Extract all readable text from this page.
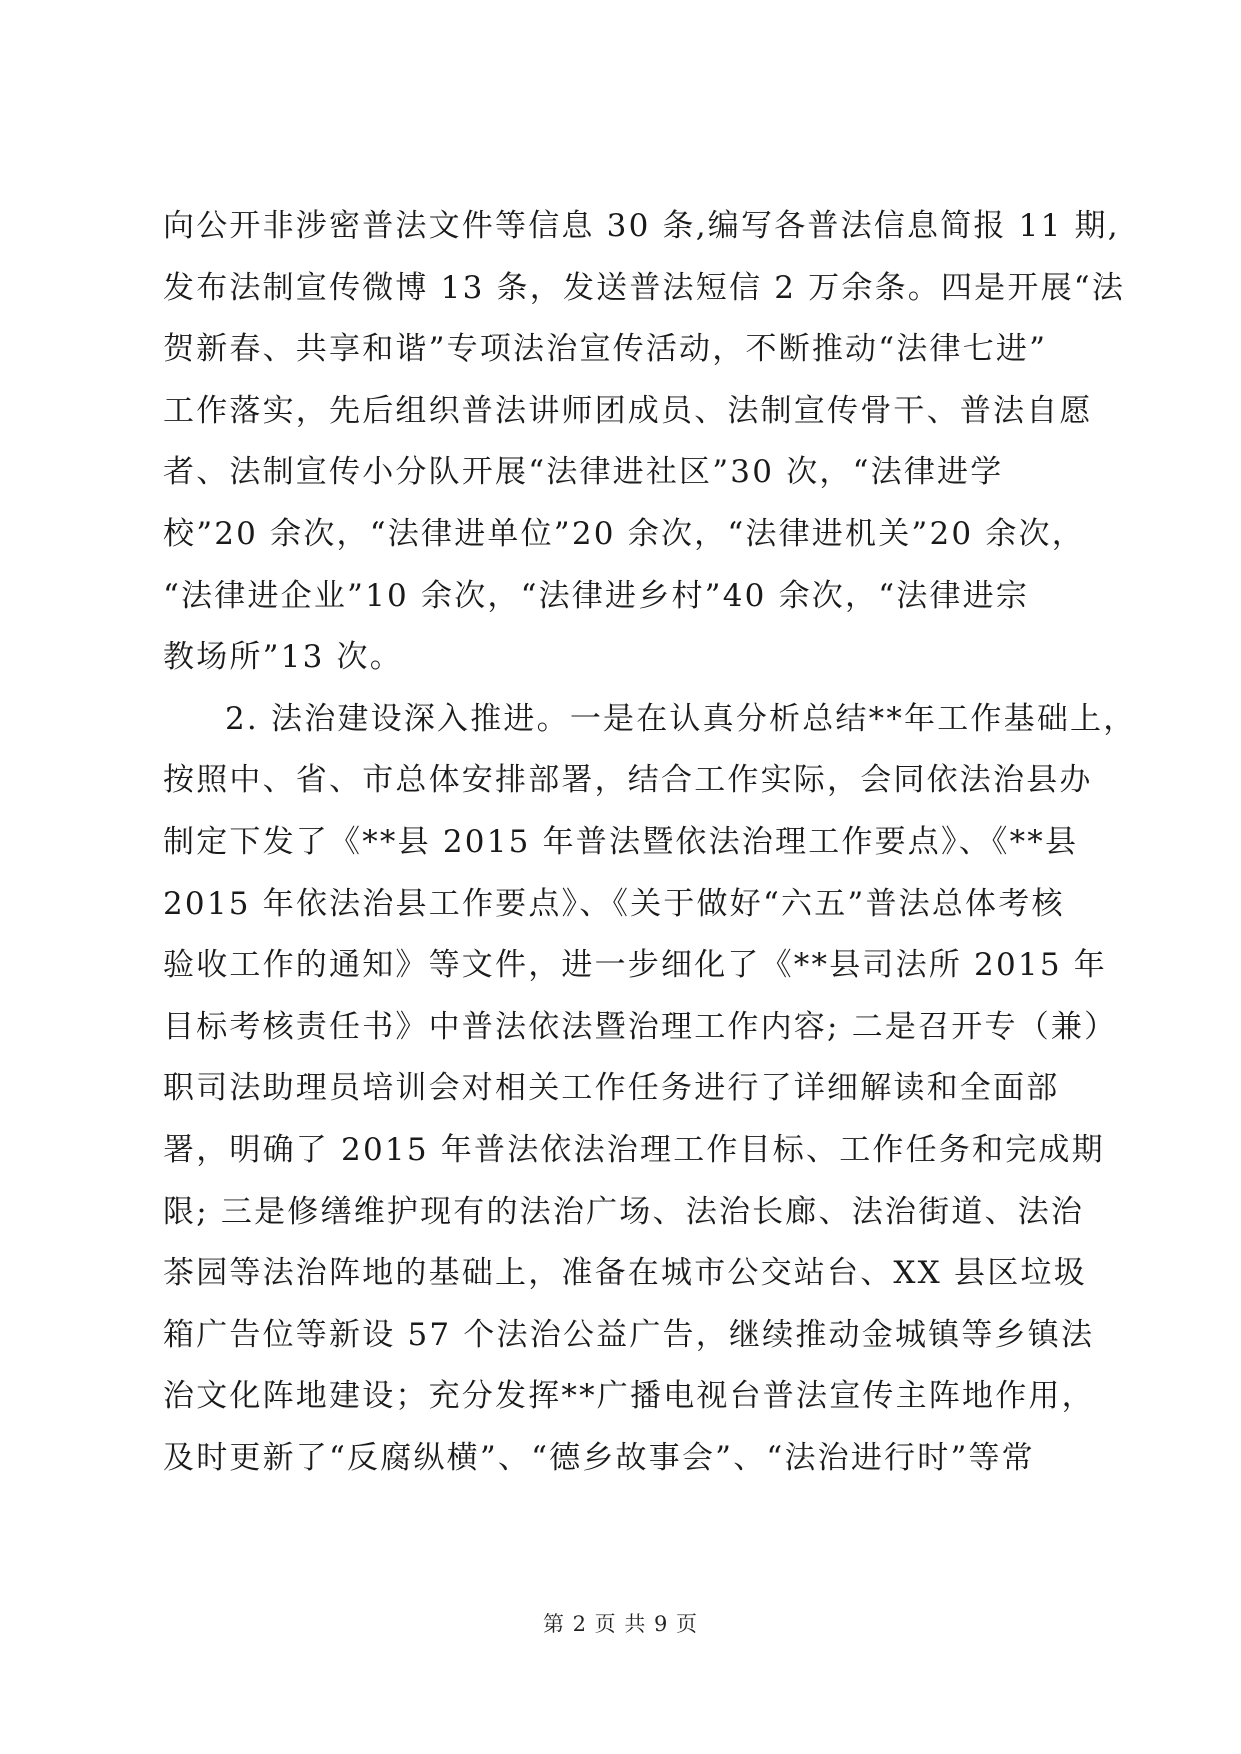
向公开非涉密普法文件等信息 30 条,编写各普法信息简报 11 期,
发布法制宣传微博 13 条，发送普法短信 2 万余条。四是开展“法
贺新春、共享和谐”专项法治宣传活动，不断推动“法律七进”
工作落实，先后组织普法讲师团成员、法制宣传骨干、普法自愿
者、法制宣传小分队开展“法律进社区”30 次，“法律进学
校”20 余次，“法律进单位”20 余次，“法律进机关”20 余次，
“法律进企业”10 余次，“法律进乡村”40 余次，“法律进宗
教场所”13 次。
2. 法治建设深入推进。一是在认真分析总结**年工作基础上，
按照中、省、市总体安排部署，结合工作实际，会同依法治县办
制定下发了《**县 2015 年普法暨依法治理工作要点》、《**县
2015 年依法治县工作要点》、《关于做好“六五”普法总体考核
验收工作的通知》等文件，进一步细化了《**县司法所 2015 年
目标考核责任书》中普法依法暨治理工作内容; 二是召开专（兼）
职司法助理员培训会对相关工作任务进行了详细解读和全面部
署，明确了 2015 年普法依法治理工作目标、工作任务和完成期
限; 三是修缮维护现有的法治广场、法治长廊、法治街道、法治
茶园等法治阵地的基础上，准备在城市公交站台、XX 县区垃圾
箱广告位等新设 57 个法治公益广告，继续推动金城镇等乡镇法
治文化阵地建设；充分发挥**广播电视台普法宣传主阵地作用，
及时更新了“反腐纵横”、“德乡故事会”、“法治进行时”等常
第 2 页 共 9 页
